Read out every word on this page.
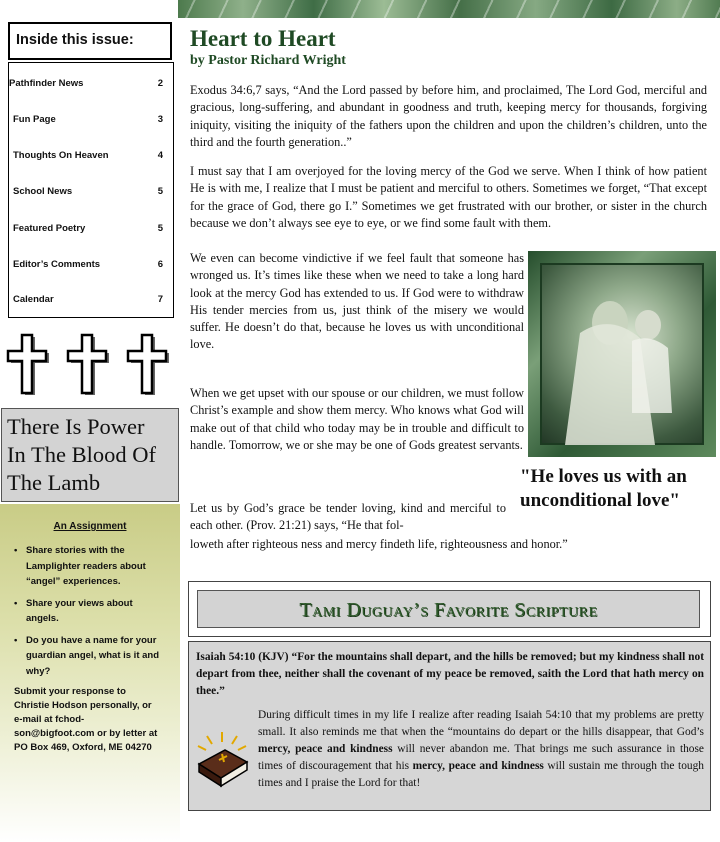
Inside this issue:
Pathfinder News	2
Fun Page	3
Thoughts On Heaven	4
School News	5
Featured Poetry	5
Editor’s Comments	6
Calendar	7
There Is Power
In The Blood Of
The Lamb
An Assignment
• Share stories with the Lamplighter readers about “angel” experiences.
• Share your views about angels.
• Do you have a name for your guardian angel, what is it and why?
Submit your response to Christie Hodson personally, or e-mail at fchod-son@bigfoot.com or by letter at PO Box 469, Oxford, ME 04270
Heart to Heart
by Pastor Richard Wright

Exodus 34:6,7 says, “And the Lord passed by before him, and proclaimed, The Lord God, merciful and gracious, long-suffering, and abundant in goodness and truth, keeping mercy for thousands, forgiving iniquity, visiting the iniquity of the fathers upon the children and upon the children’s children, unto the third and the fourth generation..”

I must say that I am overjoyed for the loving mercy of the God we serve. When I think of how patient He is with me, I realize that I must be patient and merciful to others. Sometimes we forget, “That except for the grace of God, there go I.” Sometimes we get frustrated with our brother, or sister in the church because we don’t always see eye to eye, or we find some fault with them.

We even can become vindictive if we feel fault that someone has wronged us. It’s times like these when we need to take a long hard look at the mercy God has extended to us. If God were to withdraw His tender mercies from us, just think of the misery we would suffer. He doesn’t do that, because he loves us with unconditional love.

When we get upset with our spouse or our children, we must follow Christ’s example and show them mercy. Who knows what God will make out of that child who today may be in trouble and difficult to handle. Tomorrow, we or she may be one of Gods greatest servants.

Let us by God’s grace be tender loving, kind and merciful to each other. (Prov. 21:21) says, “He that fol-

loweth after righteous ness and mercy findeth life, righteousness and honor.”

"He loves us with an unconditional love"
Tami Duguay’s Favorite Scripture

Isaiah 54:10 (KJV) “For the mountains shall depart, and the hills be removed; but my kindness shall not depart from thee, neither shall the covenant of my peace be removed, saith the Lord that hath mercy on thee.”

During difficult times in my life I realize after reading Isaiah 54:10 that my problems are pretty small. It also reminds me that when the “mountains do depart or the hills disappear, that God’s mercy, peace and kindness will never abandon me. That brings me such assurance in those times of discouragement that his mercy, peace and kindness will sustain me through the tough times and I praise the Lord for that!
